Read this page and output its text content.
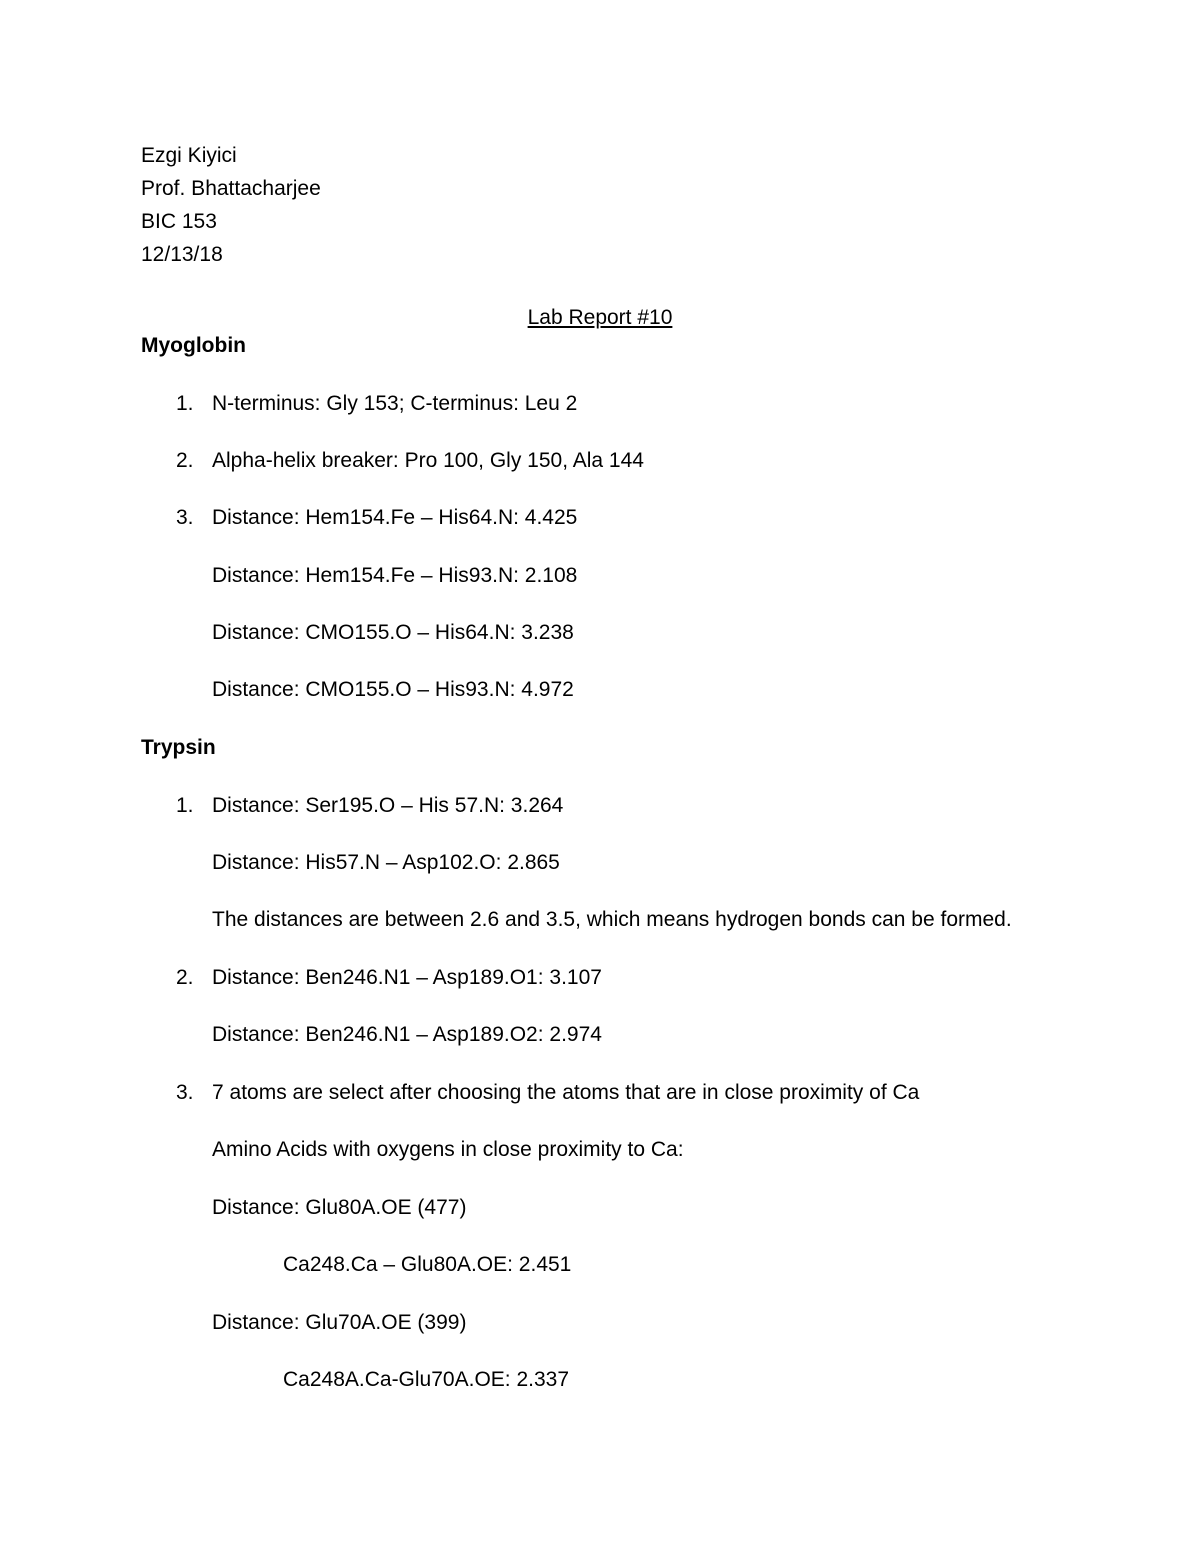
Ezgi Kiyici

Prof. Bhattacharjee

BIC 153

12/13/18

Lab Report #10

Myoglobin

1. N-terminus: Gly 153; C-terminus: Leu 2

2. Alpha-helix breaker: Pro 100, Gly 150, Ala 144

3. Distance: Hem154.Fe – His64.N: 4.425

Distance: Hem154.Fe – His93.N: 2.108

Distance: CMO155.O – His64.N: 3.238

Distance: CMO155.O – His93.N: 4.972

Trypsin

1. Distance: Ser195.O – His 57.N: 3.264

Distance: His57.N – Asp102.O: 2.865

The distances are between 2.6 and 3.5, which means hydrogen bonds can be formed.

2. Distance: Ben246.N1 – Asp189.O1: 3.107

Distance: Ben246.N1 – Asp189.O2: 2.974

3. 7 atoms are select after choosing the atoms that are in close proximity of Ca

Amino Acids with oxygens in close proximity to Ca:

Distance: Glu80A.OE (477)

Ca248.Ca – Glu80A.OE: 2.451

Distance: Glu70A.OE (399)

Ca248A.Ca-Glu70A.OE: 2.337
